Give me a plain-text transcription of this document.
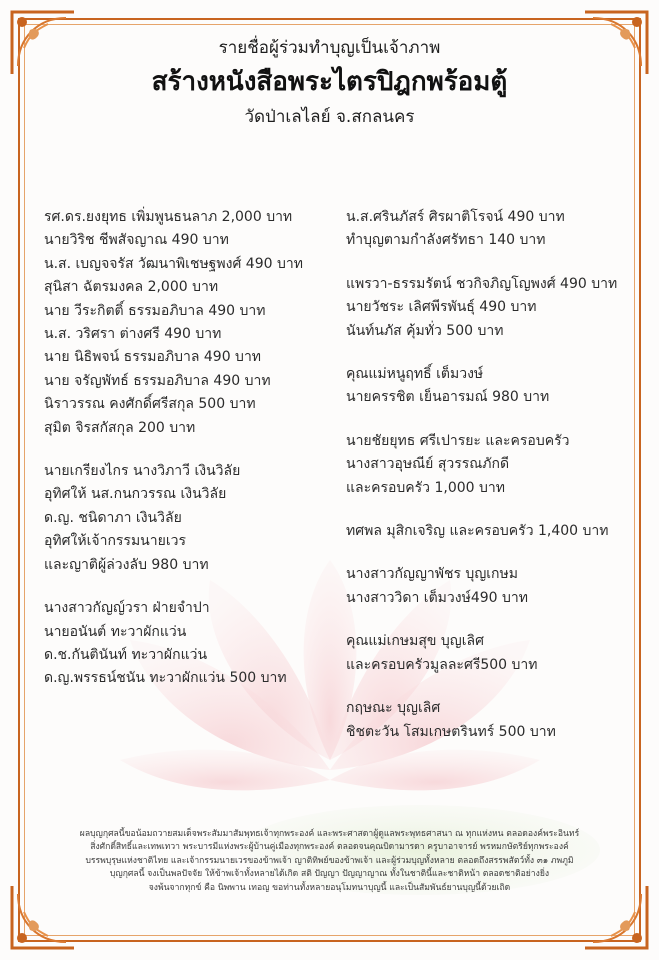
รายชื่อผู้ร่วมทำบุญเป็นเจ้าภาพ
สร้างหนังสือพระไตรปิฎกพร้อมตู้
วัดป่าเลไลย์ จ.สกลนคร
รศ.ดร.ยงยุทธ เพิ่มพูนธนลาภ 2,000 บาท
นายวิริช ชีพสัจญาณ 490 บาท
น.ส. เบญจจรัส วัฒนาพิเชษฐพงศ์ 490 บาท
สุนิสา ฉัตรมงคล 2,000 บาท
นาย วีระกิตติ์ ธรรมอภิบาล 490 บาท
น.ส. วริศรา ต่างศรี 490 บาท
นาย นิธิพจน์ ธรรมอภิบาล 490 บาท
นาย จรัญพัทธ์ ธรรมอภิบาล 490 บาท
นิราวรรณ คงศักดิ์ศรีสกุล 500 บาท
สุมิต จิรสกัสกุล 200 บาท
นายเกรียงไกร นางวิภาวี เงินวิลัย
อุทิศให้ นส.กนกวรรณ เงินวิลัย
ด.ญ. ชนิดาภา เงินวิลัย
อุทิศให้เจ้ากรรมนายเวร
และญาติผู้ล่วงลับ 980 บาท
นางสาวกัญญ์วรา ฝ่ายจำปา
นายอนันต์ ทะวาผักแว่น
ด.ช.กันตินันท์ ทะวาผักแว่น
ด.ญ.พรรธน์ชนัน ทะวาผักแว่น 500 บาท
น.ส.ศรินภัสร์ ศิรผาติโรจน์ 490 บาท
ทำบุญตามกำลังศรัทธา 140 บาท
แพรวา-ธรรมรัตน์ ชวกิจภิญโญพงศ์ 490 บาท
นายวัชระ เลิศพีรพันธุ์ 490 บาท
นันท์นภัส คุ้มทั่ว 500 บาท
คุณแม่หนูฤทธิ์ เต็มวงษ์
นายครรชิต เย็นอารมณ์ 980 บาท
นายชัยยุทธ ศรีเปารยะ และครอบครัว
นางสาวอุษณีย์ สุวรรณภักดี
และครอบครัว 1,000 บาท
ทศพล มุสิกเจริญ และครอบครัว 1,400 บาท
นางสาวกัญญาพัชร บุญเกษม
นางสาววิดา เต็มวงษ์490 บาท
คุณแม่เกษมสุข บุญเลิศ
และครอบครัวมูลละศรี500 บาท
กฤษณะ บุญเลิศ
ชิชตะวัน โสมเกษตรินทร์ 500 บาท
ผลบุญกุศลนี้ขอน้อมถวายสมเด็จพระสัมมาสัมพุทธเจ้าทุกพระองค์ และพระศาสดาผู้ดูแลพระพุทธศาสนา ณ ทุกแห่งหน ตลอดองค์พระอินทร์
สิ่งศักดิ์สิทธิ์และเทพเทวา พระบารมีแห่งพระผู้บ้านคู่เมืองทุกพระองค์ ตลอดจนคุณบิดามารดา ครูบาอาจารย์ พรหมกษัตริย์ทุกพระองค์
บรรพบุรุษแห่งชาติไทย และเจ้ากรรมนายเวรของข้าพเจ้า ญาติทิพย์ของข้าพเจ้า และผู้ร่วมบุญทั้งหลาย ตลอดถึงสรรพสัตว์ทั้ง ๓๑ ภพภูมิ
บุญกุศลนี้ จงเป็นพลปัจจัย ให้ข้าพเจ้าทั้งหลายได้เกิด สติ ปัญญา ปัญญาญาณ ทั้งในชาตินี้และชาติหน้า ตลอดชาติอย่างยิ่ง
จงพ้นจากทุกข์ คือ นิพพาน เทอญ ขอท่านทั้งหลายอนุโมทนาบุญนี้ และเป็นสัมพันธ์ยานบุญนี้ด้วยเถิด
